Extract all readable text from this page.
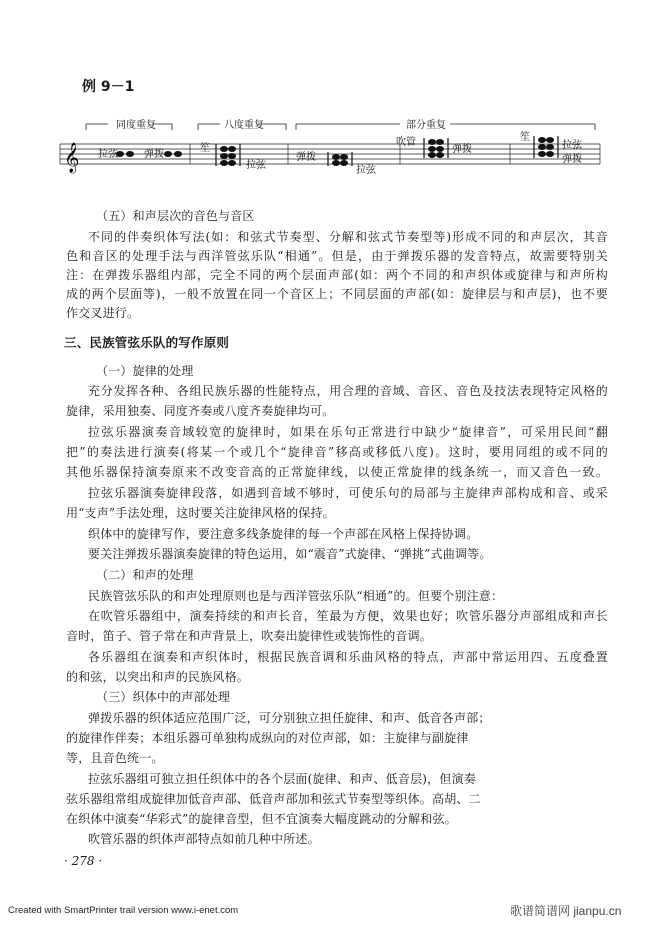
例 9－1
同度重复	八度重复	部分重复
𝄞 拉弦	弹拨
笙
拉弦
弹拨
拉弦
吹管
弹拨
笙
拉弦
弹拨
（五）和声层次的音色与音区
不同的伴奏织体写法(如：和弦式节奏型、分解和弦式节奏型等)形成不同的和声层次，其音
色和音区的处理手法与西洋管弦乐队“相通”。但是，由于弹拨乐器的发音特点，故需要特别关
注：在弹拨乐器组内部，完全不同的两个层面声部(如：两个不同的和声织体或旋律与和声所构
成的两个层面等)，一般不放置在同一个音区上；不同层面的声部(如：旋律层与和声层)，也不要
作交叉进行。
三、民族管弦乐队的写作原则
（一）旋律的处理
充分发挥各种、各组民族乐器的性能特点，用合理的音域、音区、音色及技法表现特定风格的
旋律，采用独奏、同度齐奏或八度齐奏旋律均可。
拉弦乐器演奏音域较宽的旋律时，如果在乐句正常进行中缺少“旋律音”，可采用民间“翻
把”的奏法进行演奏(将某一个或几个“旋律音”移高或移低八度)。这时，要用同组的或不同的
其他乐器保持演奏原来不改变音高的正常旋律线，以使正常旋律的线条统一，而又音色一致。
拉弦乐器演奏旋律段落，如遇到音域不够时，可使乐句的局部与主旋律声部构成和音、或采
用“支声”手法处理，这时要关注旋律风格的保持。
织体中的旋律写作，要注意多线条旋律的每一个声部在风格上保持协调。
要关注弹拨乐器演奏旋律的特色运用，如“震音”式旋律、“弹挑”式曲调等。
（二）和声的处理
民族管弦乐队的和声处理原则也是与西洋管弦乐队“相通”的。但要个别注意：
在吹管乐器组中，演奏持续的和声长音，笙最为方便，效果也好；吹管乐器分声部组成和声长
音时，笛子、管子常在和声背景上，吹奏出旋律性或装饰性的音调。
各乐器组在演奏和声织体时，根据民族音调和乐曲风格的特点，声部中常运用四、五度叠置
的和弦，以突出和声的民族风格。
（三）织体中的声部处理
弹拨乐器的织体适应范围广泛，可分别独立担任旋律、和声、低音各声部；
的旋律作伴奏；本组乐器可单独构成纵向的对位声部，如：主旋律与副旋律
等，且音色统一。
拉弦乐器组可独立担任织体中的各个层面(旋律、和声、低音层)，但演奏
弦乐器组常组成旋律加低音声部、低音声部加和弦式节奏型等织体。高胡、二
在织体中演奏“华彩式”的旋律音型，但不宜演奏大幅度跳动的分解和弦。
吹管乐器的织体声部特点如前几种中所述。
· 278 ·
Created with SmartPrinter trail version www.i-enet.com	歌谱简谱网 jianpu.cn
